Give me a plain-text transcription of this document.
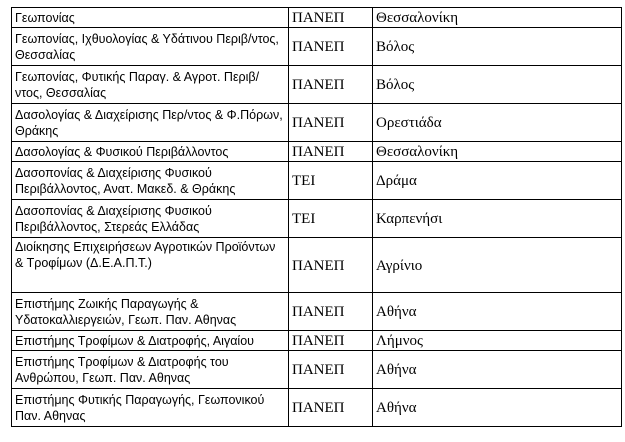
Γεωπονίας	ΠΑΝΕΠ	Θεσσαλονίκη
Γεωπονίας, Ιχθυολογίας & Υδάτινου Περιβ/ντος, Θεσσαλίας	ΠΑΝΕΠ	Βόλος
Γεωπονίας, Φυτικής Παραγ. & Αγροτ. Περιβ/ντος, Θεσσαλίας	ΠΑΝΕΠ	Βόλος
Δασολογίας & Διαχείρισης Περ/ντος & Φ.Πόρων, Θράκης	ΠΑΝΕΠ	Ορεστιάδα
Δασολογίας & Φυσικού Περιβάλλοντος	ΠΑΝΕΠ	Θεσσαλονίκη
Δασοπονίας & Διαχείρισης Φυσικού Περιβάλλοντος, Ανατ. Μακεδ. & Θράκης	ΤΕΙ	Δράμα
Δασοπονίας & Διαχείρισης Φυσικού Περιβάλλοντος, Στερεάς Ελλάδας	ΤΕΙ	Καρπενήσι
Διοίκησης Επιχειρήσεων Αγροτικών Προϊόντων & Τροφίμων (Δ.Ε.Α.Π.Τ.)	ΠΑΝΕΠ	Αγρίνιο
Επιστήμης Ζωικής Παραγωγής & Υδατοκαλλιεργειών, Γεωπ. Παν. Αθηνας	ΠΑΝΕΠ	Αθήνα
Επιστήμης Τροφίμων & Διατροφής, Αιγαίου	ΠΑΝΕΠ	Λήμνος
Επιστήμης Τροφίμων & Διατροφής του Ανθρώπου, Γεωπ. Παν. Αθηνας	ΠΑΝΕΠ	Αθήνα
Επιστήμης Φυτικής Παραγωγής, Γεωπονικού Παν. Αθηνας	ΠΑΝΕΠ	Αθήνα
